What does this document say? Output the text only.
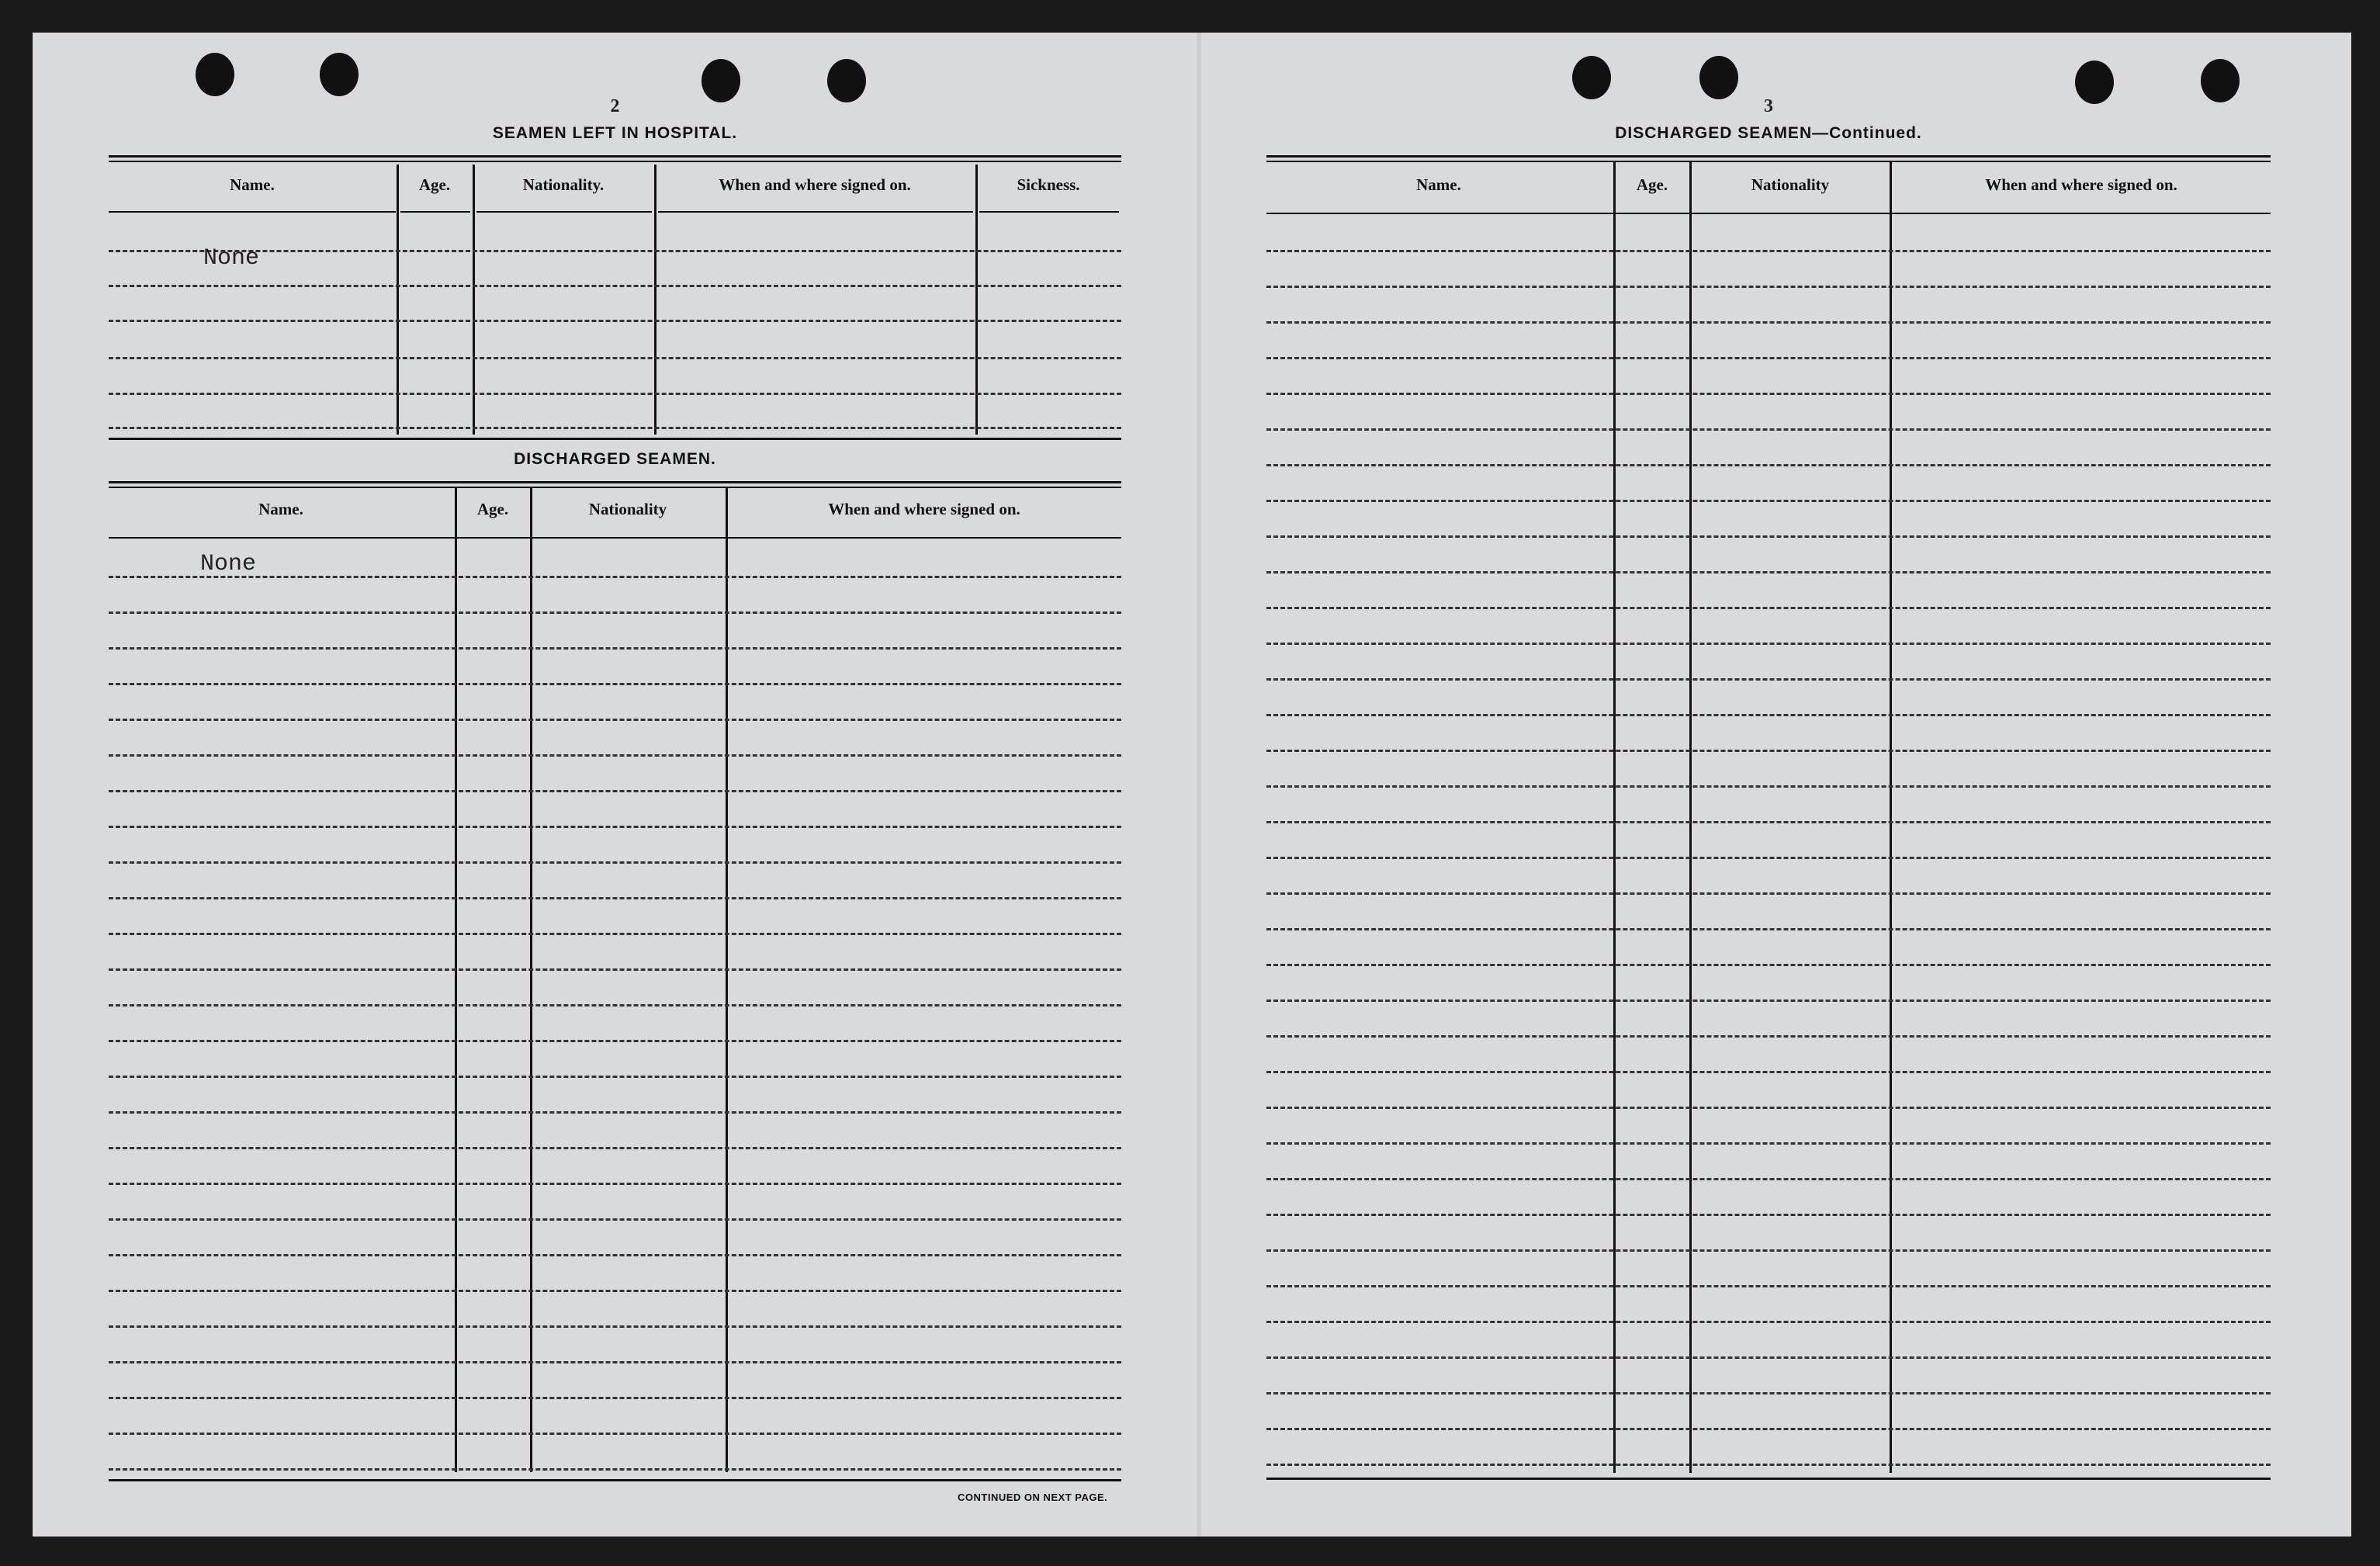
2
SEAMEN LEFT IN HOSPITAL.
Name.	Age.	Nationality.	When and where signed on.	Sickness.
None
DISCHARGED SEAMEN.
Name.	Age.	Nationality	When and where signed on.
None
CONTINUED ON NEXT PAGE.
3
DISCHARGED SEAMEN—Continued.
Name.	Age.	Nationality	When and where signed on.
